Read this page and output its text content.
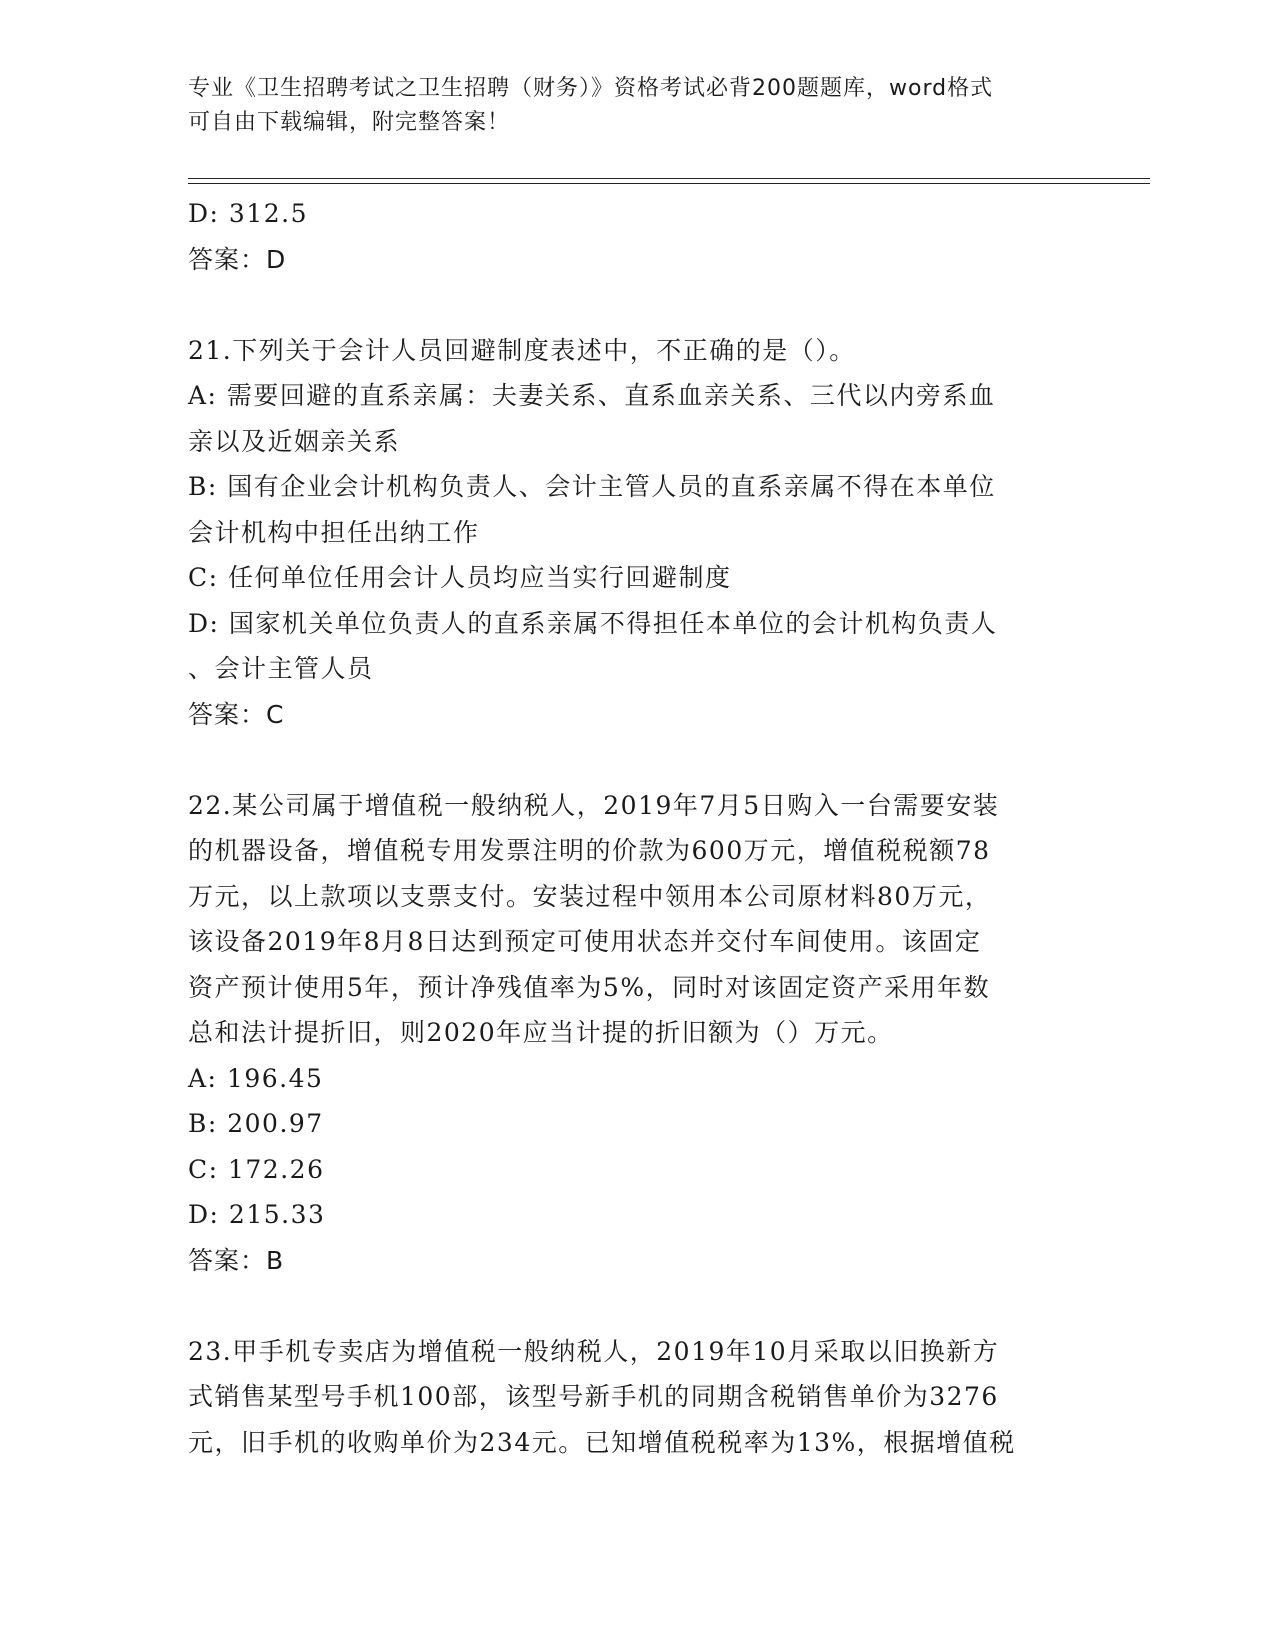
专业《卫生招聘考试之卫生招聘（财务）》资格考试必背200题题库，word格式
可自由下载编辑，附完整答案！
D: 312.5
答案：D
21.下列关于会计人员回避制度表述中，不正确的是（）。
A: 需要回避的直系亲属：夫妻关系、直系血亲关系、三代以内旁系血
亲以及近姻亲关系
B: 国有企业会计机构负责人、会计主管人员的直系亲属不得在本单位
会计机构中担任出纳工作
C: 任何单位任用会计人员均应当实行回避制度
D: 国家机关单位负责人的直系亲属不得担任本单位的会计机构负责人
、会计主管人员
答案：C
22.某公司属于增值税一般纳税人，2019年7月5日购入一台需要安装
的机器设备，增值税专用发票注明的价款为600万元，增值税税额78
万元，以上款项以支票支付。安装过程中领用本公司原材料80万元，
该设备2019年8月8日达到预定可使用状态并交付车间使用。该固定
资产预计使用5年，预计净残值率为5%，同时对该固定资产采用年数
总和法计提折旧，则2020年应当计提的折旧额为（）万元。
A: 196.45
B: 200.97
C: 172.26
D: 215.33
答案：B
23.甲手机专卖店为增值税一般纳税人，2019年10月采取以旧换新方
式销售某型号手机100部，该型号新手机的同期含税销售单价为3276
元，旧手机的收购单价为234元。已知增值税税率为13%，根据增值税
